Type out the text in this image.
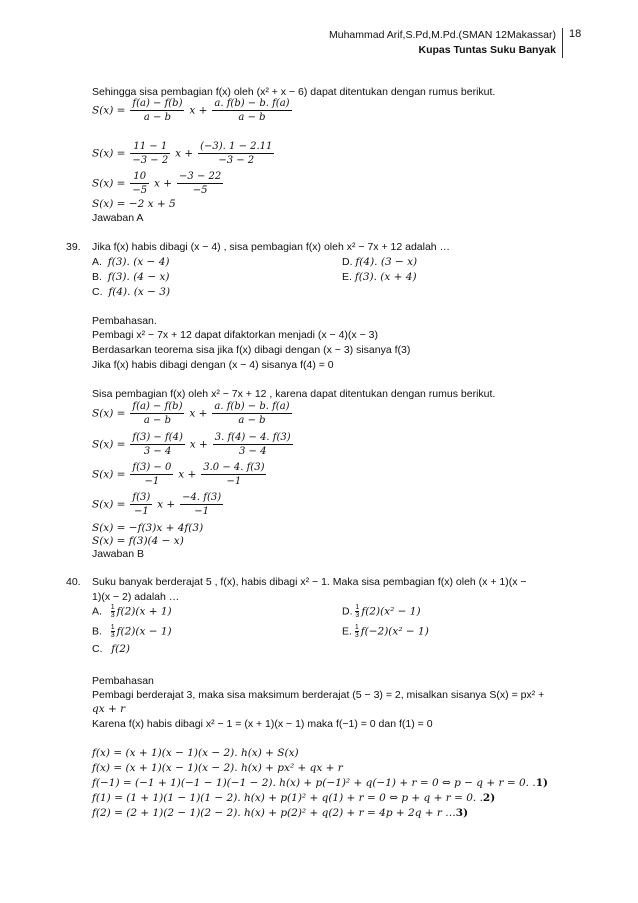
Muhammad Arif,S.Pd,M.Pd.(SMAN 12Makassar)
Kupas Tuntas Suku Banyak
18
Sehingga sisa pembagian f(x) oleh (x² + x − 6) dapat ditentukan dengan rumus berikut.
$S(x) = \frac{f(a) - f(b)}{a - b}$ $x + \frac{a. f(b) - b. f(a)}{a - b}$
$S(x) = \frac{11 - 1}{-3 - 2}$ $x + \frac{(-3). 1 - 2.11}{-3 - 2}$
$S(x) = \frac{10}{-5}$ $x + \frac{-3 - 22}{-5}$
S(x) = −2 x + 5
Jawaban A
39. Jika f(x) habis dibagi (x − 4) , sisa pembagian f(x) oleh x² − 7x + 12 adalah …
A. f(3). (x − 4)
B. f(3). (4 − x)
C. f(4). (x − 3)
D. f(4). (3 − x)
E. f(3). (x + 4)
Pembahasan.
Pembagi x² − 7x + 12 dapat difaktorkan menjadi (x − 4)(x − 3)
Berdasarkan teorema sisa jika f(x) dibagi dengan (x − 3) sisanya f(3)
Jika f(x) habis dibagi dengan (x − 4) sisanya f(4) = 0
Sisa pembagian f(x) oleh x² − 7x + 12 , karena dapat ditentukan dengan rumus berikut.
$S(x) = \frac{f(a) - f(b)}{a - b}$ $x + \frac{a. f(b) - b. f(a)}{a - b}$
$S(x) = \frac{f(3) - f(4)}{3 - 4}$ $x + \frac{3. f(4) - 4. f(3)}{3 - 4}$
$S(x) = \frac{f(3) - 0}{-1}$ $x + \frac{3.0 - 4. f(3)}{-1}$
$S(x) = \frac{f(3)}{-1}$ $x + \frac{-4. f(3)}{-1}$
S(x) = −f(3)x + 4f(3)
S(x) = f(3)(4 − x)
Jawaban B
40. Suku banyak berderajat 5 , f(x), habis dibagi x² − 1. Maka sisa pembagian f(x) oleh (x + 1)(x −
1)(x − 2) adalah …
A. $\frac{1}{3} f(2)(x + 1)$
B. $\frac{1}{3} f(2)(x - 1)$
C. f(2)
D. $\frac{1}{3} f(2)(x^2 - 1)$
E. $\frac{1}{3} f(-2)(x^2 - 1)$
Pembahasan
Pembagi berderajat 3, maka sisa maksimum berderajat (5 − 3) = 2, misalkan sisanya S(x) = px² +
qx + r
Karena f(x) habis dibagi x² − 1 = (x + 1)(x − 1) maka f(−1) = 0 dan f(1) = 0
f(x) = (x + 1)(x − 1)(x − 2). h(x) + S(x)
f(x) = (x + 1)(x − 1)(x − 2). h(x) + px² + qx + r
f(−1) = (−1 + 1)(−1 − 1)(−1 − 2). h(x) + p(−1)² + q(−1) + r = 0 ⇔ p − q + r = 0. .1)
f(1) = (1 + 1)(1 − 1)(1 − 2). h(x) + p(1)² + q(1) + r = 0 ⇔ p + q + r = 0. .2)
f(2) = (2 + 1)(2 − 1)(2 − 2). h(x) + p(2)² + q(2) + r = 4p + 2q + r …3)
